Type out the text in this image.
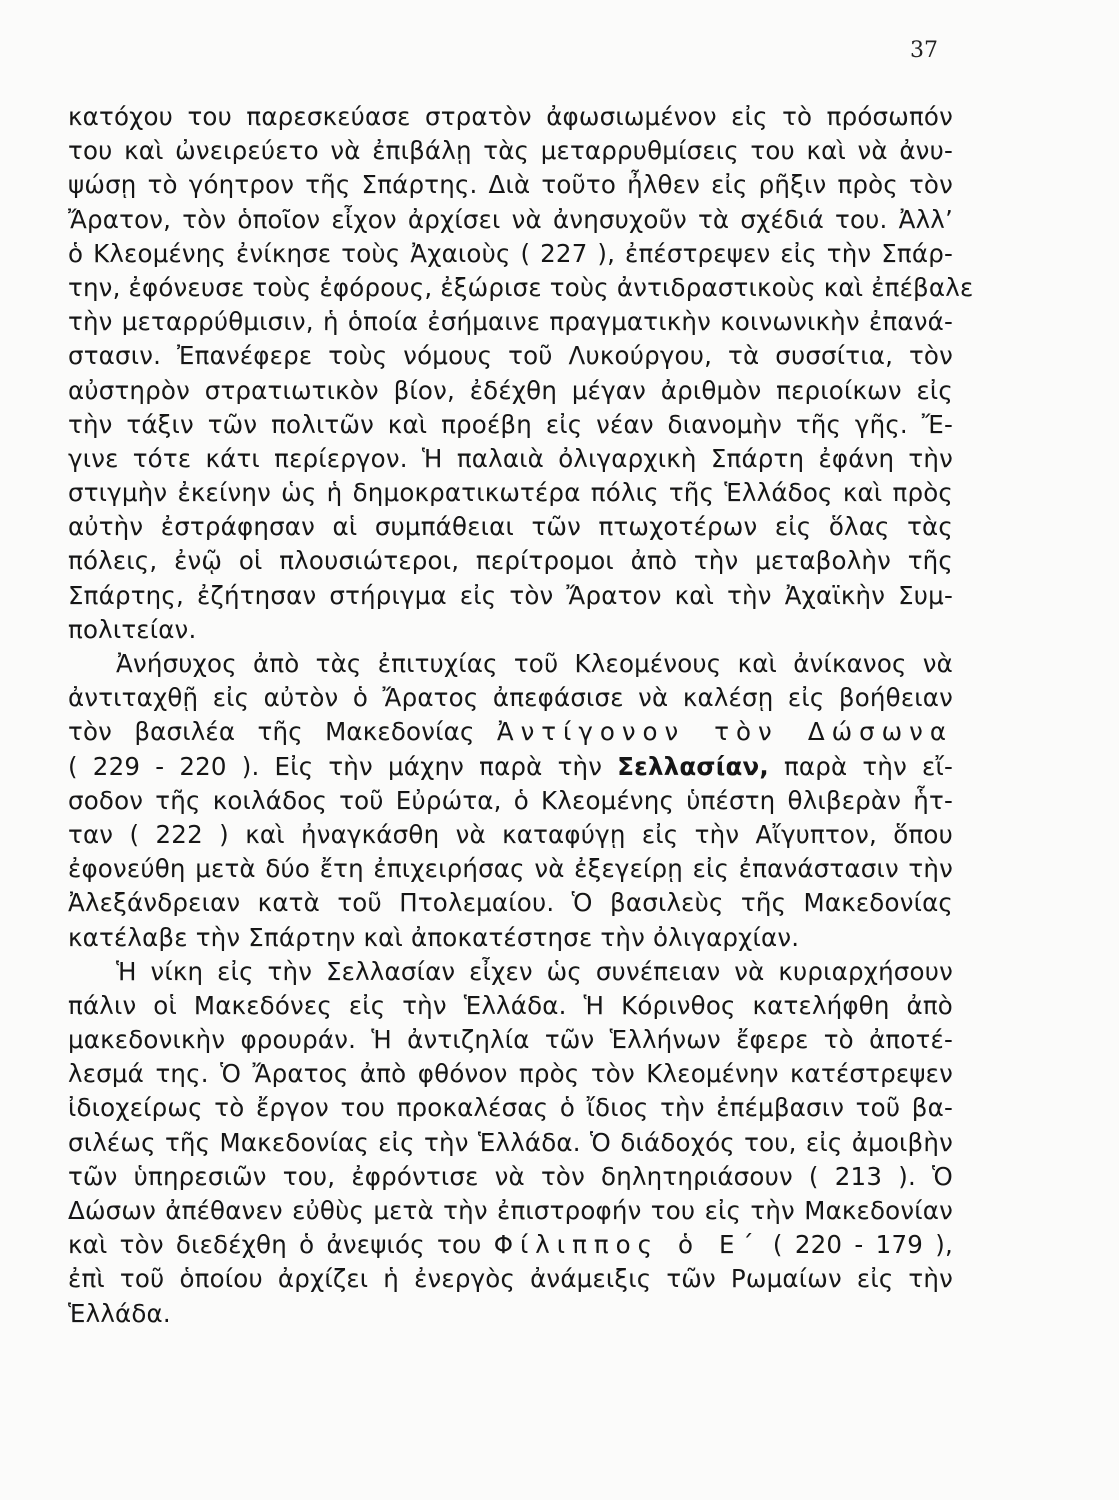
37
κατόχου του παρεσκεύασε στρατὸν ἀφωσιωμένον εἰς τὸ πρόσωπόν
του καὶ ὠνειρεύετο νὰ ἐπιβάλῃ τὰς μεταρρυθμίσεις του καὶ νὰ ἀνυ-
ψώσῃ τὸ γόητρον τῆς Σπάρτης. Διὰ τοῦτο ἦλθεν εἰς ρῆξιν πρὸς τὸν
Ἄρατον, τὸν ὁποῖον εἶχον ἀρχίσει νὰ ἀνησυχοῦν τὰ σχέδιά του. Ἀλλ’
ὁ Κλεομένης ἐνίκησε τοὺς Ἀχαιοὺς ( 227 ), ἐπέστρεψεν εἰς τὴν Σπάρ-
την, ἐφόνευσε τοὺς ἐφόρους, ἐξώρισε τοὺς ἀντιδραστικοὺς καὶ ἐπέβαλε
τὴν μεταρρύθμισιν, ἡ ὁποία ἐσήμαινε πραγματικὴν κοινωνικὴν ἐπανά-
στασιν. Ἐπανέφερε τοὺς νόμους τοῦ Λυκούργου, τὰ συσσίτια, τὸν
αὐστηρὸν στρατιωτικὸν βίον, ἐδέχθη μέγαν ἀριθμὸν περιοίκων εἰς
τὴν τάξιν τῶν πολιτῶν καὶ προέβη εἰς νέαν διανομὴν τῆς γῆς. Ἔ-
γινε τότε κάτι περίεργον. Ἡ παλαιὰ ὀλιγαρχικὴ Σπάρτη ἐφάνη τὴν
στιγμὴν ἐκείνην ὡς ἡ δημοκρατικωτέρα πόλις τῆς Ἑλλάδος καὶ πρὸς
αὐτὴν ἐστράφησαν αἱ συμπάθειαι τῶν πτωχοτέρων εἰς ὅλας τὰς
πόλεις, ἐνῷ οἱ πλουσιώτεροι, περίτρομοι ἀπὸ τὴν μεταβολὴν τῆς
Σπάρτης, ἐζήτησαν στήριγμα εἰς τὸν Ἄρατον καὶ τὴν Ἀχαϊκὴν Συμ-
πολιτείαν.
Ἀνήσυχος ἀπὸ τὰς ἐπιτυχίας τοῦ Κλεομένους καὶ ἀνίκανος νὰ
ἀντιταχθῇ εἰς αὐτὸν ὁ Ἄρατος ἀπεφάσισε νὰ καλέσῃ εἰς βοήθειαν
τὸν βασιλέα τῆς Μακεδονίας Ἀντίγονον τὸν Δώσωνα
( 229 - 220 ). Εἰς τὴν μάχην παρὰ τὴν Σελλασίαν, παρὰ τὴν εἴ-
σοδον τῆς κοιλάδος τοῦ Εὐρώτα, ὁ Κλεομένης ὑπέστη θλιβερὰν ἧτ-
ταν ( 222 ) καὶ ἠναγκάσθη νὰ καταφύγῃ εἰς τὴν Αἴγυπτον, ὅπου
ἐφονεύθη μετὰ δύο ἔτη ἐπιχειρήσας νὰ ἐξεγείρῃ εἰς ἐπανάστασιν τὴν
Ἀλεξάνδρειαν κατὰ τοῦ Πτολεμαίου. Ὁ βασιλεὺς τῆς Μακεδονίας
κατέλαβε τὴν Σπάρτην καὶ ἀποκατέστησε τὴν ὀλιγαρχίαν.
Ἡ νίκη εἰς τὴν Σελλασίαν εἶχεν ὡς συνέπειαν νὰ κυριαρχήσουν
πάλιν οἱ Μακεδόνες εἰς τὴν Ἑλλάδα. Ἡ Κόρινθος κατελήφθη ἀπὸ
μακεδονικὴν φρουράν. Ἡ ἀντιζηλία τῶν Ἑλλήνων ἔφερε τὸ ἀποτέ-
λεσμά της. Ὁ Ἄρατος ἀπὸ φθόνον πρὸς τὸν Κλεομένην κατέστρεψεν
ἰδιοχείρως τὸ ἔργον του προκαλέσας ὁ ἴδιος τὴν ἐπέμβασιν τοῦ βα-
σιλέως τῆς Μακεδονίας εἰς τὴν Ἑλλάδα. Ὁ διάδοχός του, εἰς ἀμοιβὴν
τῶν ὑπηρεσιῶν του, ἐφρόντισε νὰ τὸν δηλητηριάσουν ( 213 ). Ὁ
Δώσων ἀπέθανεν εὐθὺς μετὰ τὴν ἐπιστροφήν του εἰς τὴν Μακεδονίαν
καὶ τὸν διεδέχθη ὁ ἀνεψιός του Φίλιππος ὁ Ε΄ ( 220 - 179 ),
ἐπὶ τοῦ ὁποίου ἀρχίζει ἡ ἐνεργὸς ἀνάμειξις τῶν Ρωμαίων εἰς τὴν
Ἑλλάδα.
